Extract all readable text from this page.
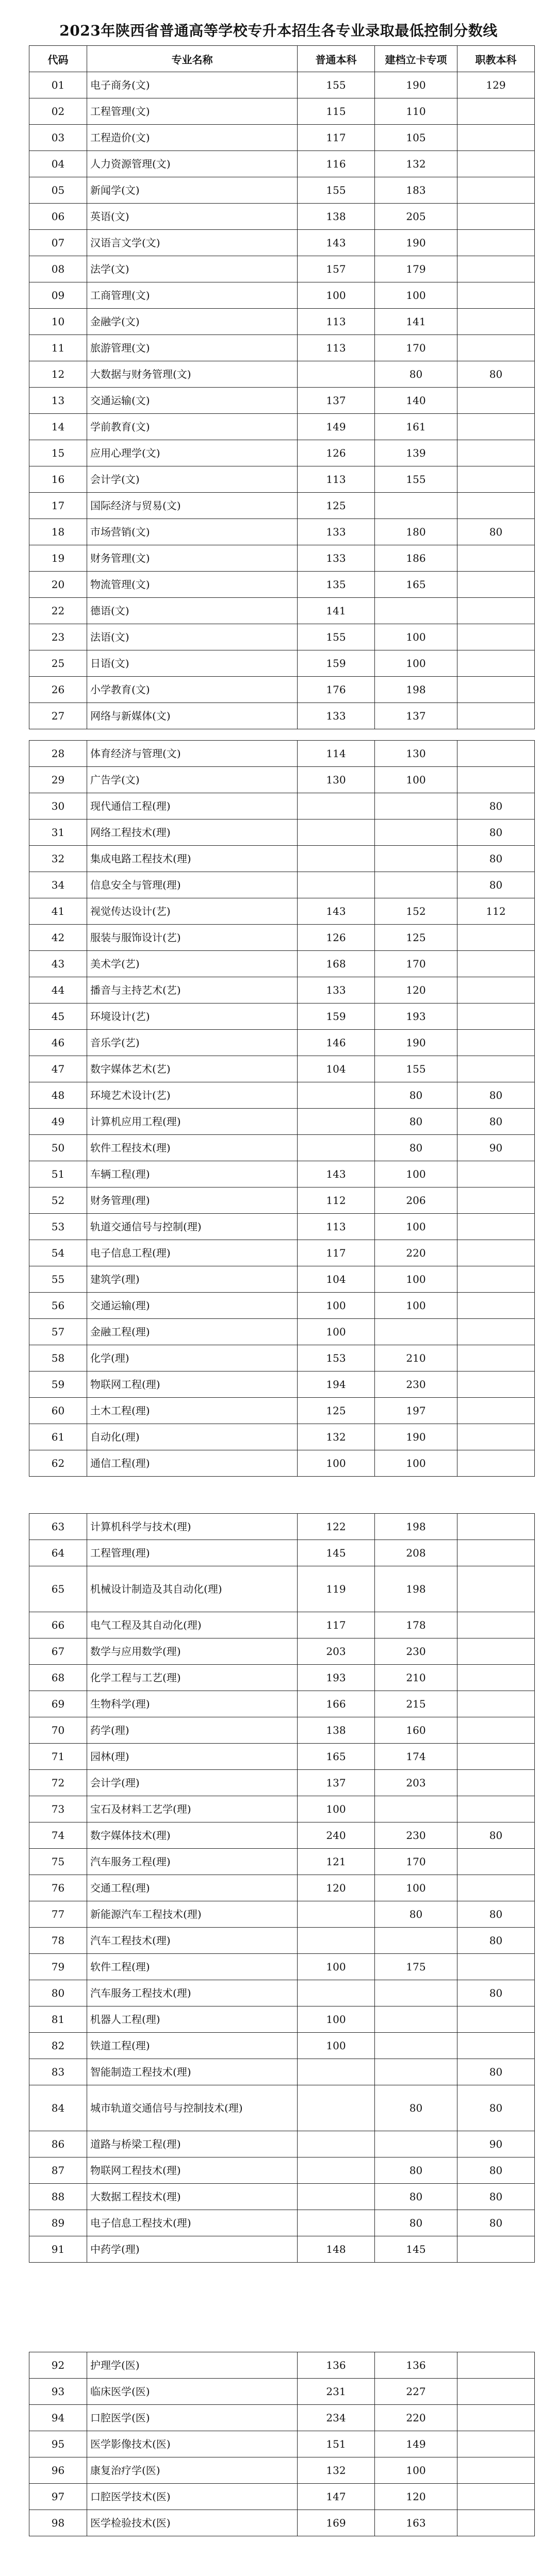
2023年陕西省普通高等学校专升本招生各专业录取最低控制分数线
代码	专业名称	普通本科	建档立卡专项	职教本科
01	电子商务(文)	155	190	129
02	工程管理(文)	115	110	
03	工程造价(文)	117	105	
04	人力资源管理(文)	116	132	
05	新闻学(文)	155	183	
06	英语(文)	138	205	
07	汉语言文学(文)	143	190	
08	法学(文)	157	179	
09	工商管理(文)	100	100	
10	金融学(文)	113	141	
11	旅游管理(文)	113	170	
12	大数据与财务管理(文)		80	80
13	交通运输(文)	137	140	
14	学前教育(文)	149	161	
15	应用心理学(文)	126	139	
16	会计学(文)	113	155	
17	国际经济与贸易(文)	125		
18	市场营销(文)	133	180	80
19	财务管理(文)	133	186	
20	物流管理(文)	135	165	
22	德语(文)	141		
23	法语(文)	155	100	
25	日语(文)	159	100	
26	小学教育(文)	176	198	
27	网络与新媒体(文)	133	137	
28	体育经济与管理(文)	114	130	
29	广告学(文)	130	100	
30	现代通信工程(理)			80
31	网络工程技术(理)			80
32	集成电路工程技术(理)			80
34	信息安全与管理(理)			80
41	视觉传达设计(艺)	143	152	112
42	服装与服饰设计(艺)	126	125	
43	美术学(艺)	168	170	
44	播音与主持艺术(艺)	133	120	
45	环境设计(艺)	159	193	
46	音乐学(艺)	146	190	
47	数字媒体艺术(艺)	104	155	
48	环境艺术设计(艺)		80	80
49	计算机应用工程(理)		80	80
50	软件工程技术(理)		80	90
51	车辆工程(理)	143	100	
52	财务管理(理)	112	206	
53	轨道交通信号与控制(理)	113	100	
54	电子信息工程(理)	117	220	
55	建筑学(理)	104	100	
56	交通运输(理)	100	100	
57	金融工程(理)	100		
58	化学(理)	153	210	
59	物联网工程(理)	194	230	
60	土木工程(理)	125	197	
61	自动化(理)	132	190	
62	通信工程(理)	100	100	
63	计算机科学与技术(理)	122	198	
64	工程管理(理)	145	208	
65	机械设计制造及其自动化(理)	119	198	
66	电气工程及其自动化(理)	117	178	
67	数学与应用数学(理)	203	230	
68	化学工程与工艺(理)	193	210	
69	生物科学(理)	166	215	
70	药学(理)	138	160	
71	园林(理)	165	174	
72	会计学(理)	137	203	
73	宝石及材料工艺学(理)	100		
74	数字媒体技术(理)	240	230	80
75	汽车服务工程(理)	121	170	
76	交通工程(理)	120	100	
77	新能源汽车工程技术(理)		80	80
78	汽车工程技术(理)			80
79	软件工程(理)	100	175	
80	汽车服务工程技术(理)			80
81	机器人工程(理)	100		
82	铁道工程(理)	100		
83	智能制造工程技术(理)			80
84	城市轨道交通信号与控制技术(理)		80	80
86	道路与桥梁工程(理)			90
87	物联网工程技术(理)		80	80
88	大数据工程技术(理)		80	80
89	电子信息工程技术(理)		80	80
91	中药学(理)	148	145	
92	护理学(医)	136	136	
93	临床医学(医)	231	227	
94	口腔医学(医)	234	220	
95	医学影像技术(医)	151	149	
96	康复治疗学(医)	132	100	
97	口腔医学技术(医)	147	120	
98	医学检验技术(医)	169	163	
